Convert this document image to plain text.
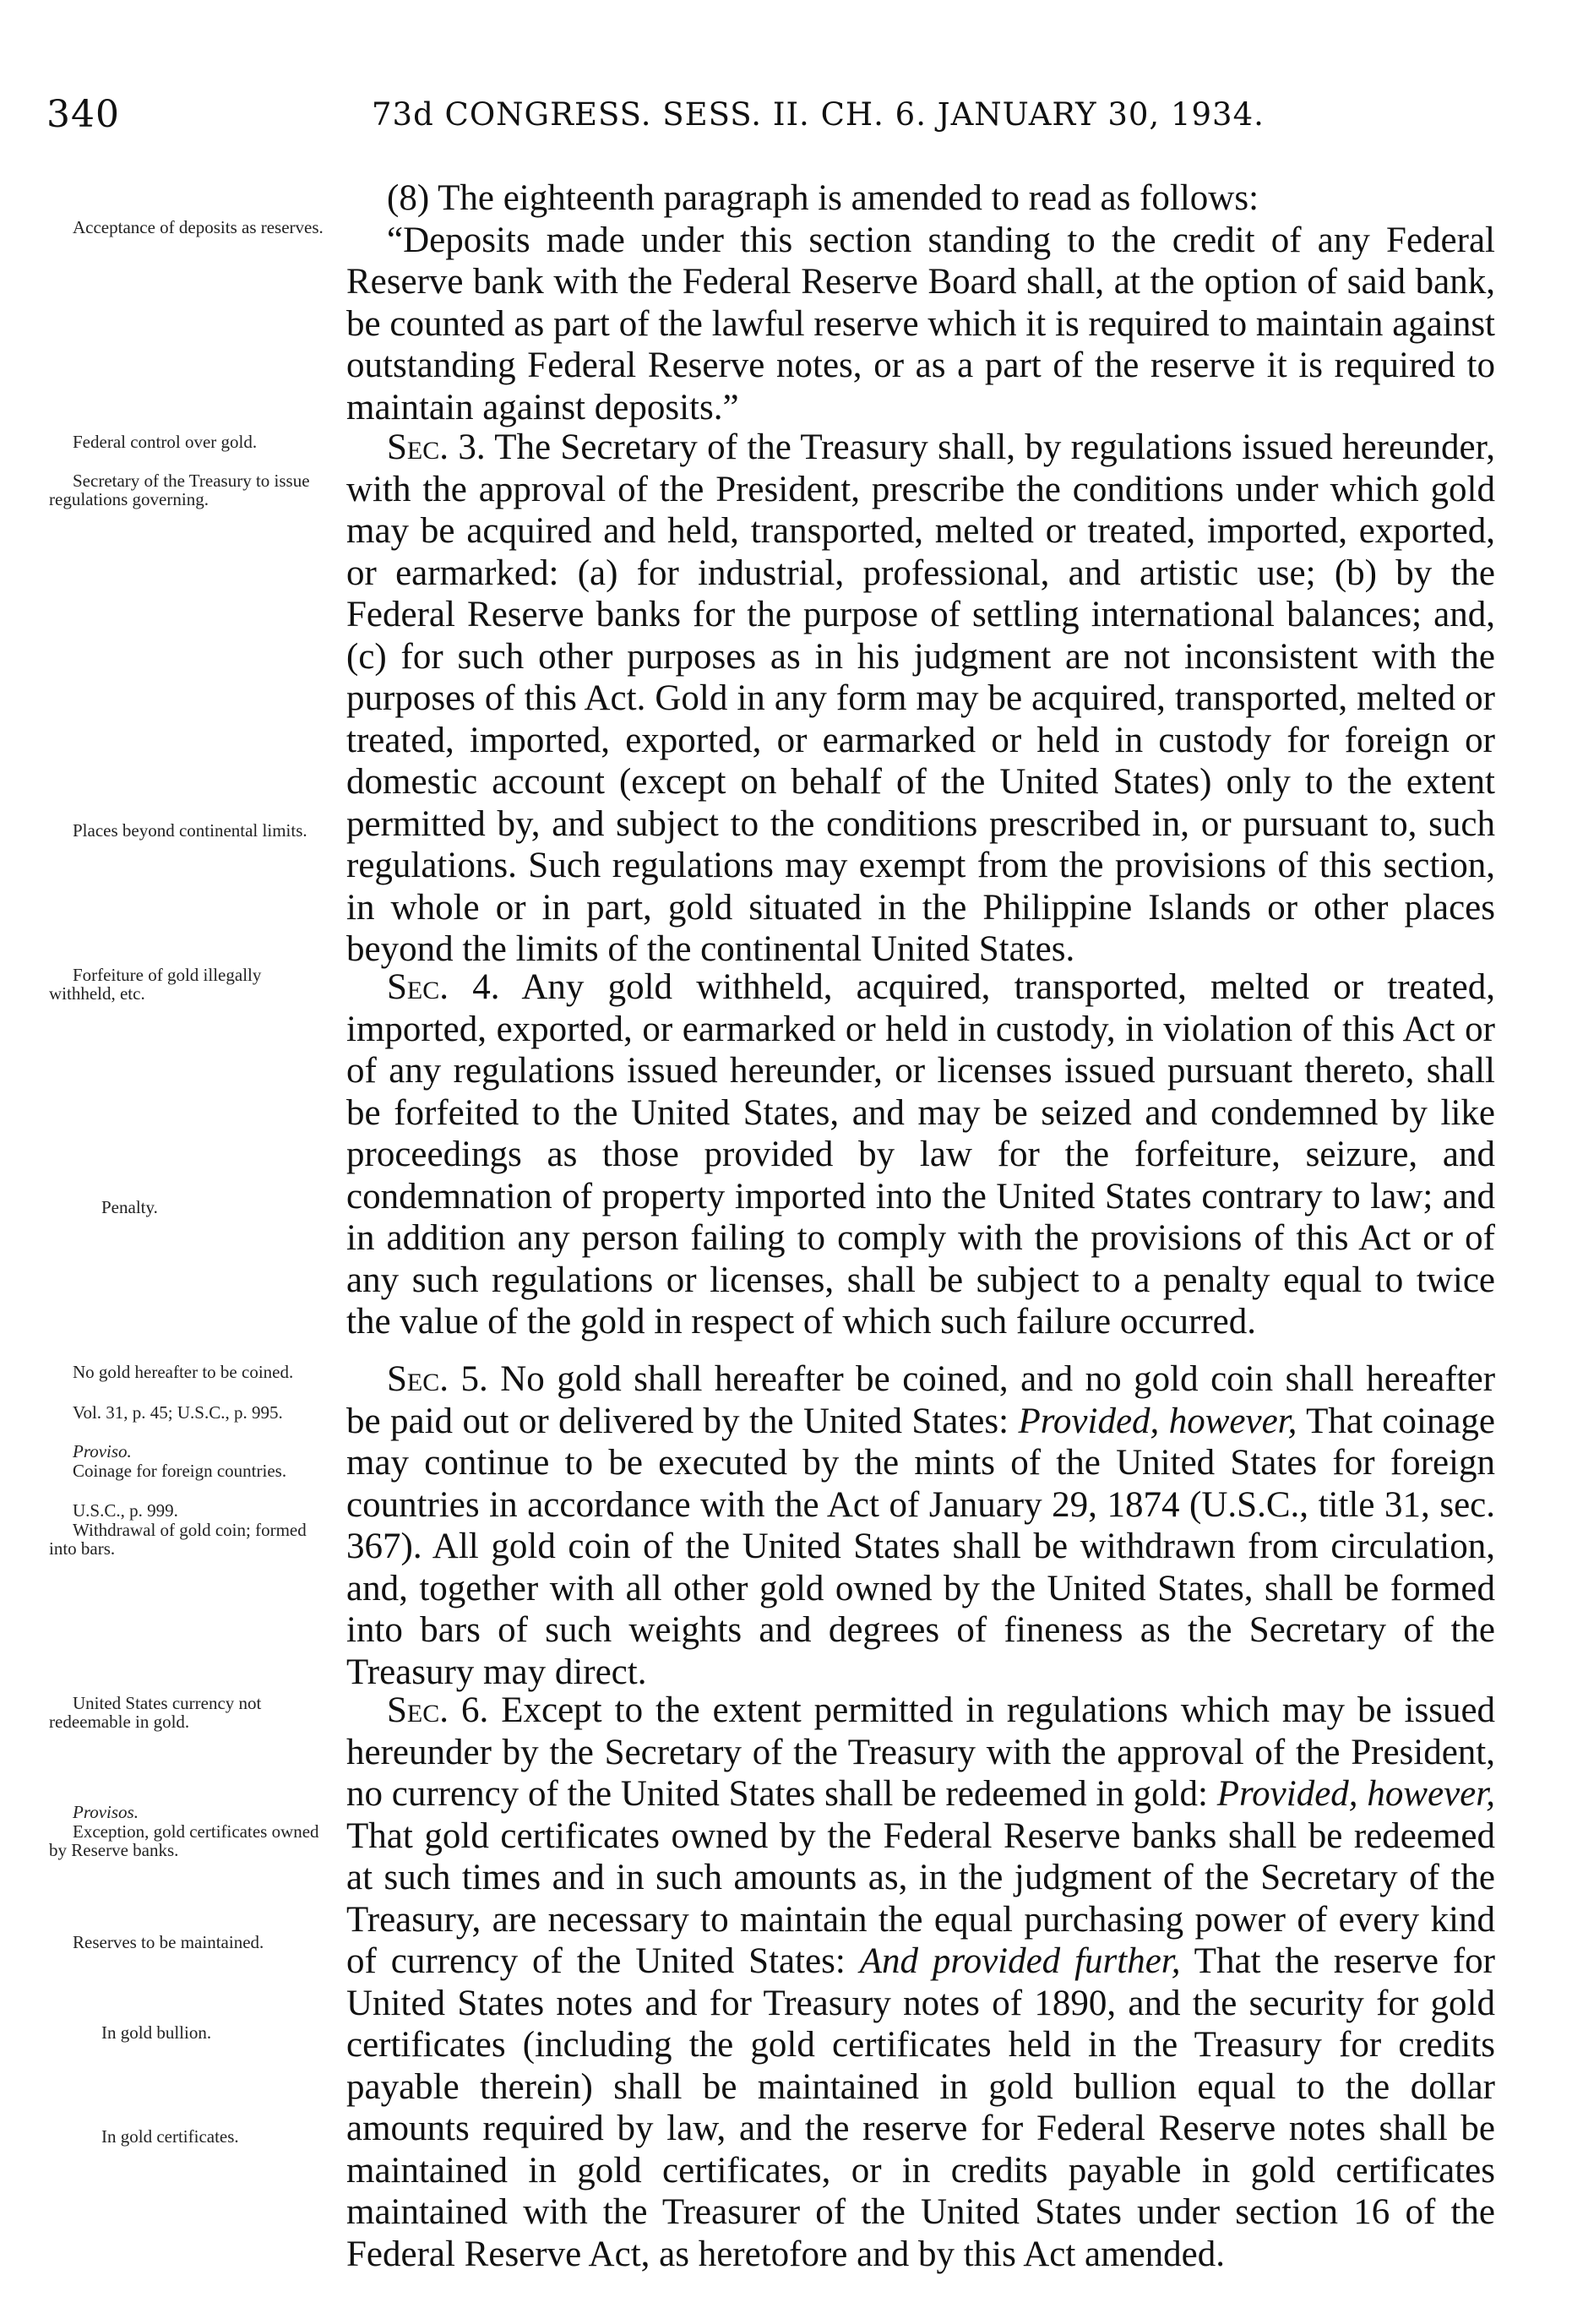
340	73d CONGRESS. SESS. II. CH. 6. JANUARY 30, 1934.
Acceptance of deposits as reserves.
Federal control over gold.
Secretary of the Treasury to issue regulations governing.
Places beyond continental limits.
Forfeiture of gold illegally withheld, etc.
Penalty.
No gold hereafter to be coined.
Vol. 31, p. 45; U.S.C., p. 995.
Proviso.
Coinage for foreign countries.
U.S.C., p. 999.
Withdrawal of gold coin; formed into bars.
United States currency not redeemable in gold.
Provisos.
Exception, gold certificates owned by Reserve banks.
Reserves to be maintained.
In gold bullion.
In gold certificates.

(8) The eighteenth paragraph is amended to read as follows:

“Deposits made under this section standing to the credit of any Federal Reserve bank with the Federal Reserve Board shall, at the option of said bank, be counted as part of the lawful reserve which it is required to maintain against outstanding Federal Reserve notes, or as a part of the reserve it is required to maintain against deposits.”

Sec. 3. The Secretary of the Treasury shall, by regulations issued hereunder, with the approval of the President, prescribe the conditions under which gold may be acquired and held, transported, melted or treated, imported, exported, or earmarked: (a) for industrial, professional, and artistic use; (b) by the Federal Reserve banks for the purpose of settling international balances; and, (c) for such other purposes as in his judgment are not inconsistent with the purposes of this Act. Gold in any form may be acquired, transported, melted or treated, imported, exported, or earmarked or held in custody for foreign or domestic account (except on behalf of the United States) only to the extent permitted by, and subject to the conditions prescribed in, or pursuant to, such regulations. Such regulations may exempt from the provisions of this section, in whole or in part, gold situated in the Philippine Islands or other places beyond the limits of the continental United States.

Sec. 4. Any gold withheld, acquired, transported, melted or treated, imported, exported, or earmarked or held in custody, in violation of this Act or of any regulations issued hereunder, or licenses issued pursuant thereto, shall be forfeited to the United States, and may be seized and condemned by like proceedings as those provided by law for the forfeiture, seizure, and condemnation of property imported into the United States contrary to law; and in addition any person failing to comply with the provisions of this Act or of any such regulations or licenses, shall be subject to a penalty equal to twice the value of the gold in respect of which such failure occurred.

Sec. 5. No gold shall hereafter be coined, and no gold coin shall hereafter be paid out or delivered by the United States: Provided, however, That coinage may continue to be executed by the mints of the United States for foreign countries in accordance with the Act of January 29, 1874 (U.S.C., title 31, sec. 367). All gold coin of the United States shall be withdrawn from circulation, and, together with all other gold owned by the United States, shall be formed into bars of such weights and degrees of fineness as the Secretary of the Treasury may direct.

Sec. 6. Except to the extent permitted in regulations which may be issued hereunder by the Secretary of the Treasury with the approval of the President, no currency of the United States shall be redeemed in gold: Provided, however, That gold certificates owned by the Federal Reserve banks shall be redeemed at such times and in such amounts as, in the judgment of the Secretary of the Treasury, are necessary to maintain the equal purchasing power of every kind of currency of the United States: And provided further, That the reserve for United States notes and for Treasury notes of 1890, and the security for gold certificates (including the gold certificates held in the Treasury for credits payable therein) shall be maintained in gold bullion equal to the dollar amounts required by law, and the reserve for Federal Reserve notes shall be maintained in gold certificates, or in credits payable in gold certificates maintained with the Treasurer of the United States under section 16 of the Federal Reserve Act, as heretofore and by this Act amended.
